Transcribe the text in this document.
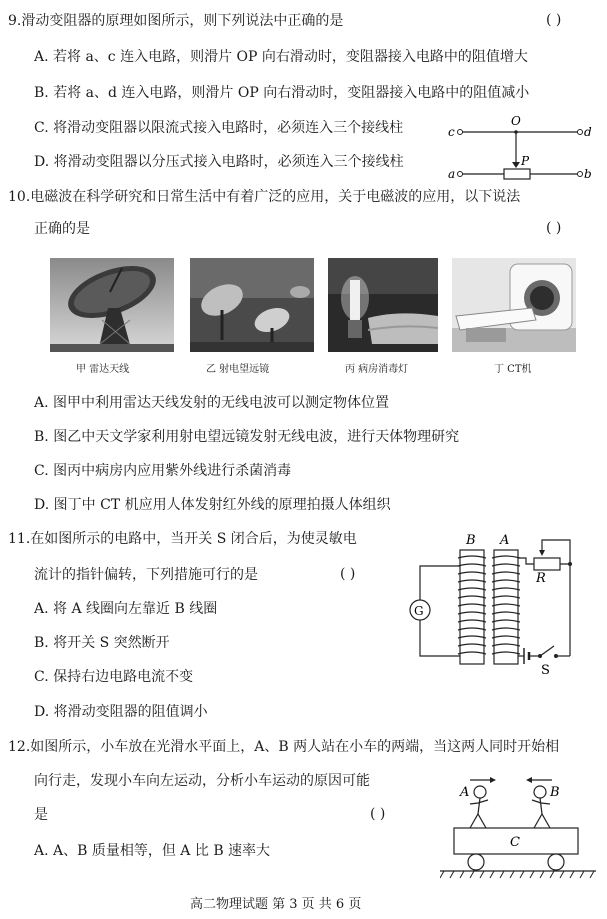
9.滑动变阻器的原理如图所示，则下列说法中正确的是	( )
A. 若将 a、c 连入电路，则滑片 OP 向右滑动时，变阻器接入电路中的阻值增大
B. 若将 a、d 连入电路，则滑片 OP 向右滑动时，变阻器接入电路中的阻值减小
C. 将滑动变阻器以限流式接入电路时，必须连入三个接线柱
D. 将滑动变阻器以分压式接入电路时，必须连入三个接线柱
c
O
d
a
P
b
10.电磁波在科学研究和日常生活中有着广泛的应用，关于电磁波的应用，以下说法
正确的是	( )
甲 雷达天线	乙 射电望远镜	丙 病房消毒灯	丁 CT机
A. 图甲中利用雷达天线发射的无线电波可以测定物体位置
B. 图乙中天文学家利用射电望远镜发射无线电波，进行天体物理研究
C. 图丙中病房内应用紫外线进行杀菌消毒
D. 图丁中 CT 机应用人体发射红外线的原理拍摄人体组织
11.在如图所示的电路中，当开关 S 闭合后，为使灵敏电
流计的指针偏转，下列措施可行的是	( )
A. 将 A 线圈向左靠近 B 线圈
B. 将开关 S 突然断开
C. 保持右边电路电流不变
D. 将滑动变阻器的阻值调小
G
B A
R
S
12.如图所示，小车放在光滑水平面上，A、B 两人站在小车的两端，当这两人同时开始相
向行走，发现小车向左运动，分析小车运动的原因可能
是	( )
A. A、B 质量相等，但 A 比 B 速率大
A	B
C
高二物理试题 第 3 页 共 6 页
